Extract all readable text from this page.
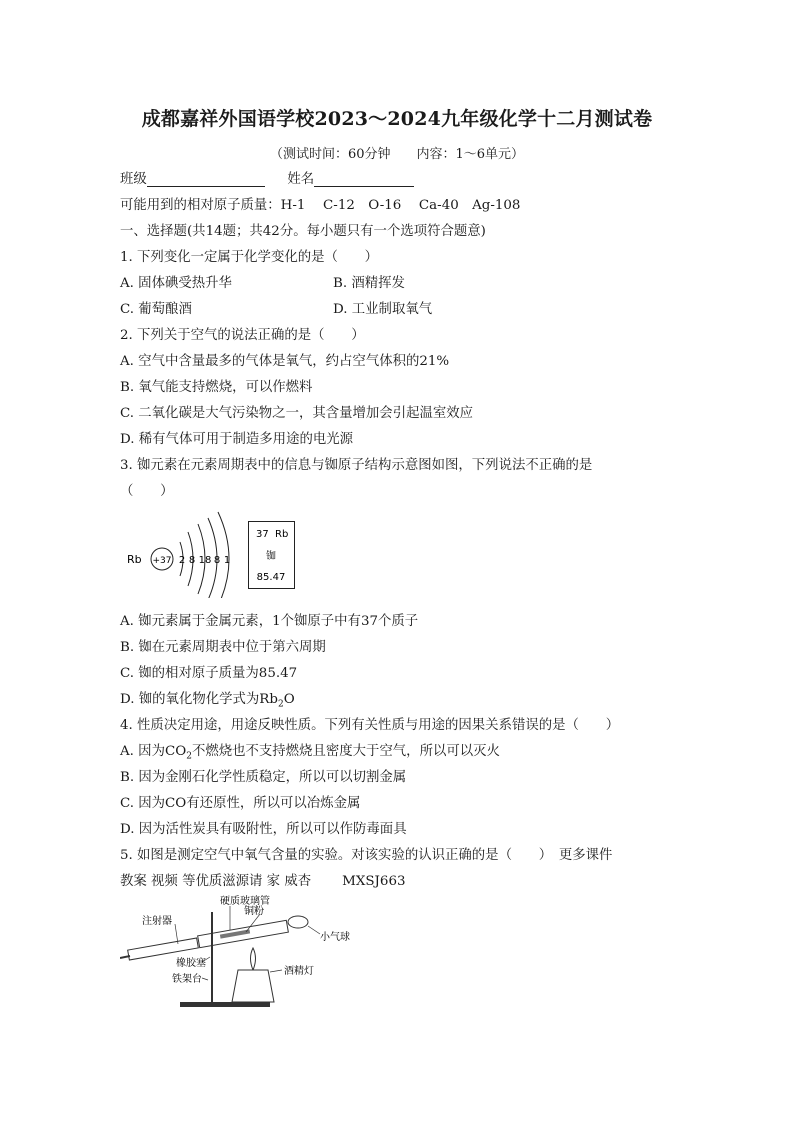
成都嘉祥外国语学校2023～2024九年级化学十二月测试卷
（测试时间：60分钟　　内容：1～6单元）
班级	姓名
可能用到的相对原子质量：H-1　 C-12　O-16　 Ca-40　Ag-108
一、选择题(共14题；共42分。每小题只有一个选项符合题意)
1. 下列变化一定属于化学变化的是（　　）
A. 固体碘受热升华	B. 酒精挥发
C. 葡萄酿酒	D. 工业制取氧气
2. 下列关于空气的说法正确的是（　　）
A. 空气中含量最多的气体是氧气，约占空气体积的21%
B. 氧气能支持燃烧，可以作燃料
C. 二氧化碳是大气污染物之一，其含量增加会引起温室效应
D. 稀有气体可用于制造多用途的电光源
3. 铷元素在元素周期表中的信息与铷原子结构示意图如图，下列说法不正确的是
（　　）
Rb +37 2 8 18 8 1
37 Rb
铷
85.47
A. 铷元素属于金属元素，1个铷原子中有37个质子
B. 铷在元素周期表中位于第六周期
C. 铷的相对原子质量为85.47
D. 铷的氧化物化学式为$Rb_2O$
4. 性质决定用途，用途反映性质。下列有关性质与用途的因果关系错误的是（　　）
A. 因为$CO_2$不燃烧也不支持燃烧且密度大于空气，所以可以灭火
B. 因为金刚石化学性质稳定，所以可以切割金属
C. 因为CO有还原性，所以可以冶炼金属
D. 因为活性炭具有吸附性，所以可以作防毒面具
5. 如图是测定空气中氧气含量的实验。对该实验的认识正确的是（　　）　更多课件
教案 视频 等优质滋源请 家 威杏　　 MXSJ663
注射器
硬质玻璃管
铜粉
小气球
橡胶塞
酒精灯
铁架台
